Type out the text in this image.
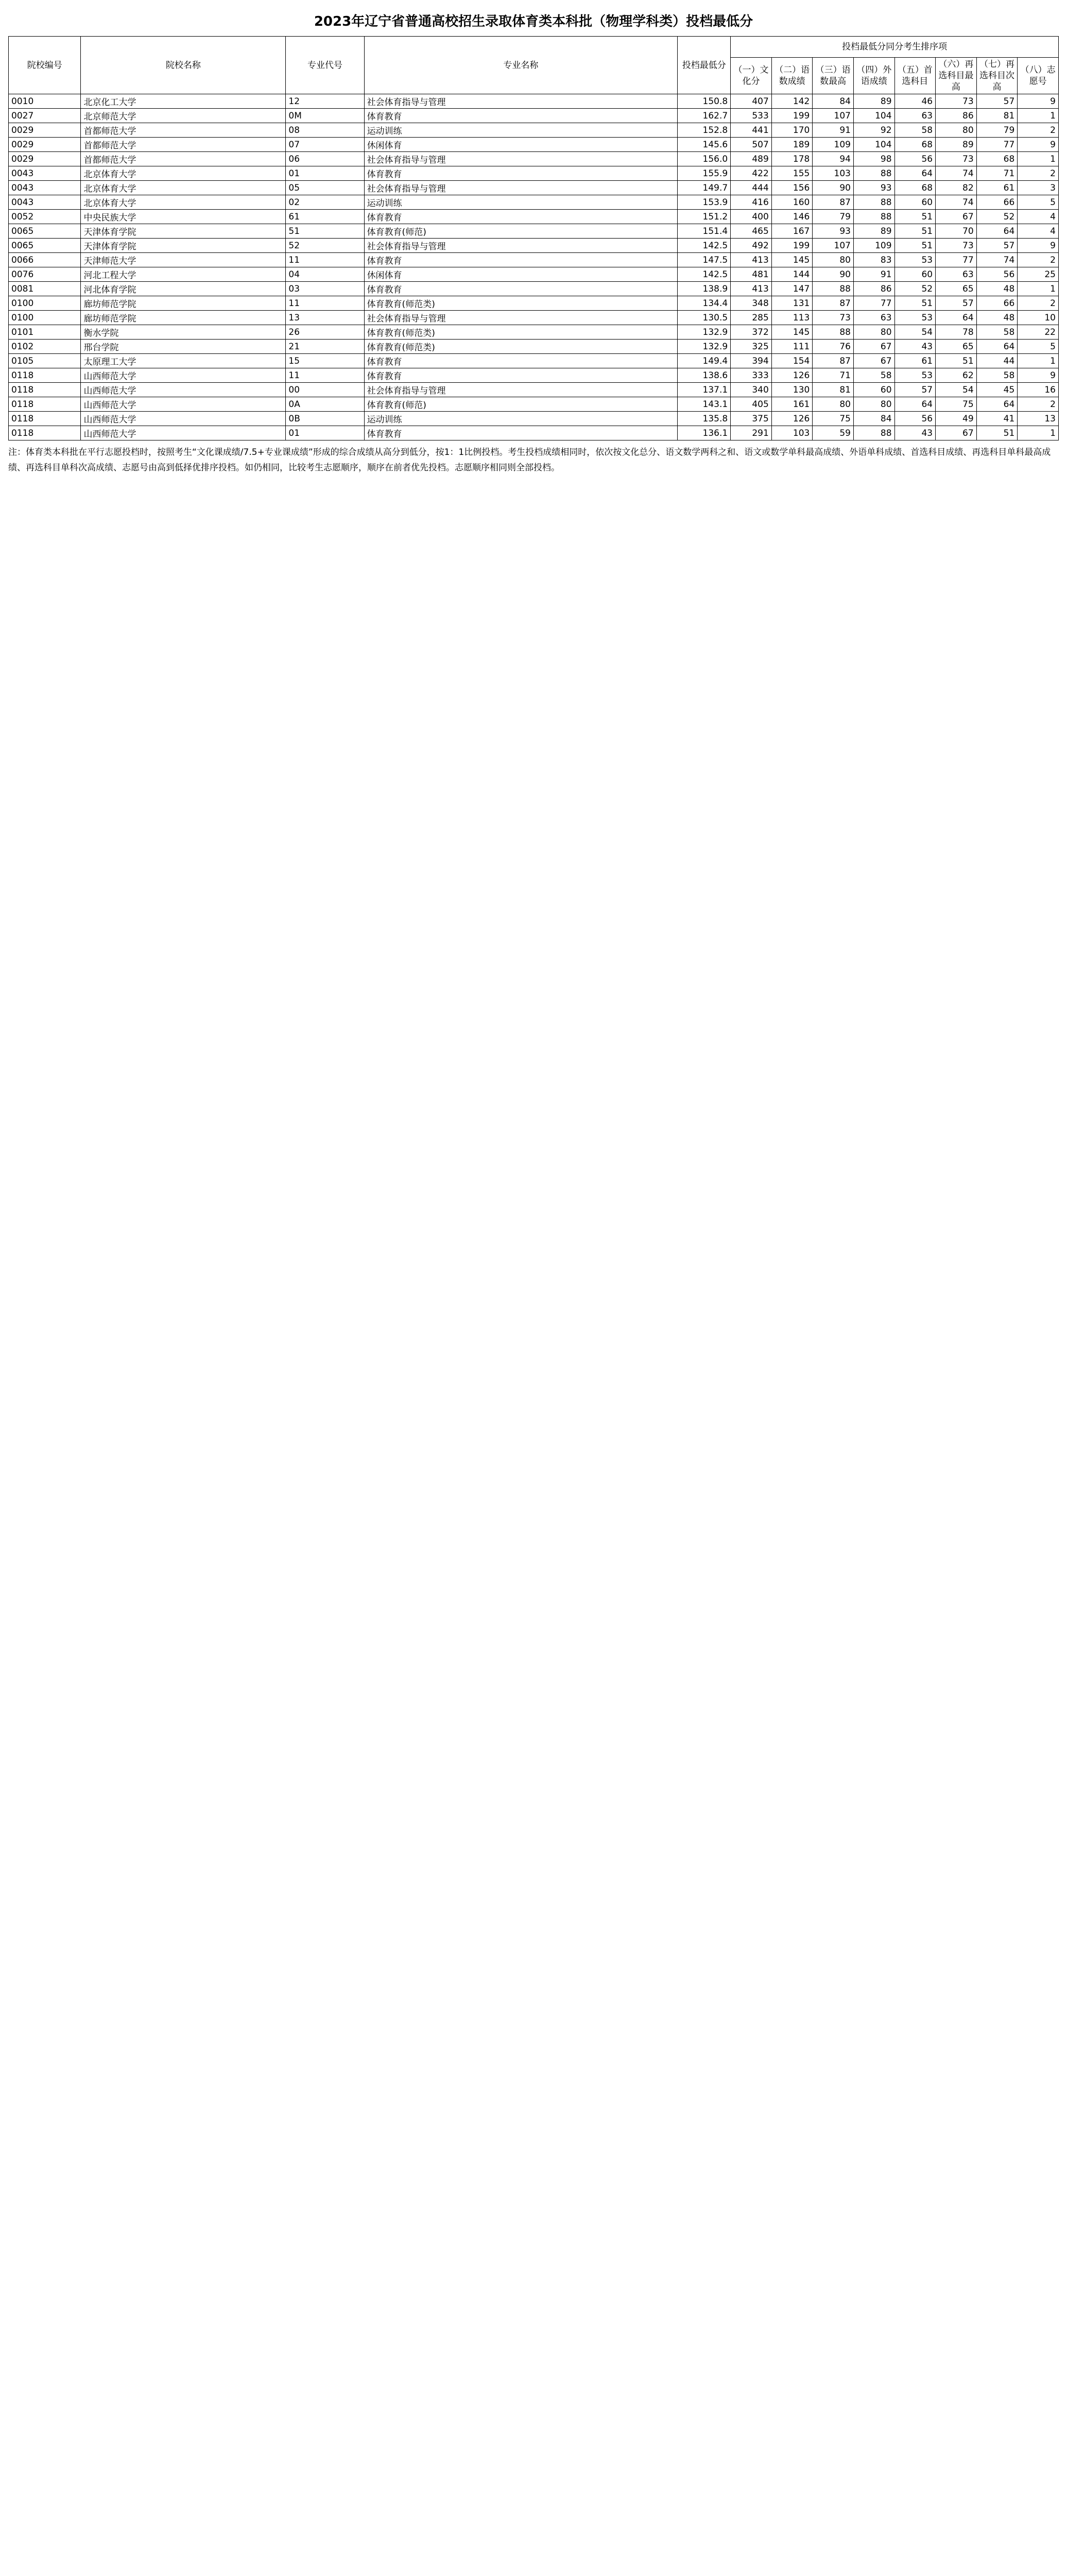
2023年辽宁省普通高校招生录取体育类本科批（物理学科类）投档最低分
院校编号	院校名称	专业代号	专业名称	投档最低分	投档最低分同分考生排序项							
					（一）文化分	（二）语数成绩	（三）语数最高	（四）外语成绩	（五）首选科目	（六）再选科目最高	（七）再选科目次高	（八）志愿号
0010	北京化工大学	12	社会体育指导与管理	150.8	407	142	84	89	46	73	57	9
0027	北京师范大学	0M	体育教育	162.7	533	199	107	104	63	86	81	1
0029	首都师范大学	08	运动训练	152.8	441	170	91	92	58	80	79	2
0029	首都师范大学	07	休闲体育	145.6	507	189	109	104	68	89	77	9
0029	首都师范大学	06	社会体育指导与管理	156.0	489	178	94	98	56	73	68	1
0043	北京体育大学	01	体育教育	155.9	422	155	103	88	64	74	71	2
0043	北京体育大学	05	社会体育指导与管理	149.7	444	156	90	93	68	82	61	3
0043	北京体育大学	02	运动训练	153.9	416	160	87	88	60	74	66	5
0052	中央民族大学	61	体育教育	151.2	400	146	79	88	51	67	52	4
0065	天津体育学院	51	体育教育(师范)	151.4	465	167	93	89	51	70	64	4
0065	天津体育学院	52	社会体育指导与管理	142.5	492	199	107	109	51	73	57	9
0066	天津师范大学	11	体育教育	147.5	413	145	80	83	53	77	74	2
0076	河北工程大学	04	休闲体育	142.5	481	144	90	91	60	63	56	25
0081	河北体育学院	03	体育教育	138.9	413	147	88	86	52	65	48	1
0100	廊坊师范学院	11	体育教育(师范类)	134.4	348	131	87	77	51	57	66	2
0100	廊坊师范学院	13	社会体育指导与管理	130.5	285	113	73	63	53	64	48	10
0101	衡水学院	26	体育教育(师范类)	132.9	372	145	88	80	54	78	58	22
0102	邢台学院	21	体育教育(师范类)	132.9	325	111	76	67	43	65	64	5
0105	太原理工大学	15	体育教育	149.4	394	154	87	67	61	51	44	1
0118	山西师范大学	11	体育教育	138.6	333	126	71	58	53	62	58	9
0118	山西师范大学	00	社会体育指导与管理	137.1	340	130	81	60	57	54	45	16
0118	山西师范大学	0A	体育教育(师范)	143.1	405	161	80	80	64	75	64	2
0118	山西师范大学	0B	运动训练	135.8	375	126	75	84	56	49	41	13
0118	山西师范大学	01	体育教育	136.1	291	103	59	88	43	67	51	1
注：体育类本科批在平行志愿投档时，按照考生“文化课成绩/7.5+专业课成绩”形成的综合成绩从高分到低分，按1：1比例投档。考生投档成绩相同时，依次按文化总分、语文数学两科之和、语文或数学单科最高成绩、外语单科成绩、首选科目成绩、再选科目单科最高成绩、再选科目单科次高成绩、志愿号由高到低择优排序投档。如仍相同，比较考生志愿顺序，顺序在前者优先投档。志愿顺序相同则全部投档。
